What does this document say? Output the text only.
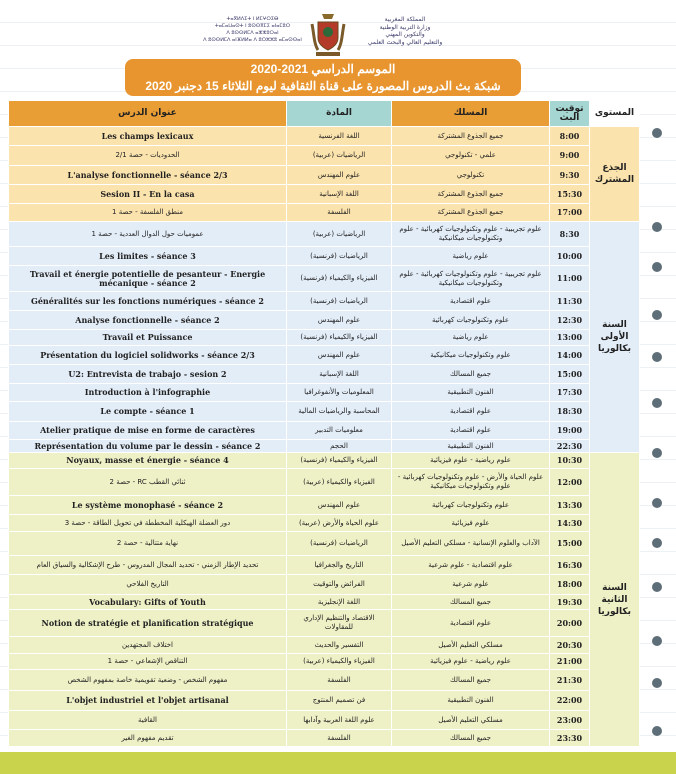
ⵜⴰⴳⵍⴷⵉⵜ ⵏ ⵍⵎⵖⵔⵉⴱ
ⵜⴰⵎⴰⵡⴰⵙⵜ ⵏ ⵓⵙⵙⴳⵎⵉ ⴰⵏⴰⵎⵓⵔ
ⴷ ⵓⵙⵙⵍⵎⴷ ⴰⵣⵣⵓⵔⴰⵏ
ⴷ ⵓⵙⵙⵍⵎⴷ ⴰⵏⴼⵍⵍⴰ ⴷ ⵓⵔⵣⵣⵓ ⴰⵎⴰⵙⵙⴰⵏ
المملكة المغربية
وزارة التربية الوطنية
والتكوين المهني
والتعليم العالي والبحث العلمي
الموسم الدراسي 2021-2020
شبكة بث الدروس المصورة على قناة الثقافية ليوم الثلاثاء 15 دجنبر 2020
المستوى	توقيت البث	المسلك	المادة	عنوان الدرس
الجذع المشترك	8:00	جميع الجذوع المشتركة	اللغة الفرنسية	Les champs lexicaux
	9:00	علمي - تكنولوجي	الرياضيات (عربية)	الحدوديات - حصة 2/1
	9:30	تكنولوجي	علوم المهندس	L'analyse fonctionnelle - séance 2/3
	15:30	جميع الجذوع المشتركة	اللغة الإسبانية	Sesion II - En la casa
	17:00	جميع الجذوع المشتركة	الفلسفة	منطق الفلسفة - حصة 1
السنة الأولى بكالوريا	8:30	علوم تجريبية - علوم وتكنولوجيات كهربائية - علوم وتكنولوجيات ميكانيكية	الرياضيات (عربية)	عموميات حول الدوال العددية - حصة 1
	10:00	علوم رياضية	الرياضيات (فرنسية)	Les limites - séance 3
	11:00	علوم تجريبية - علوم وتكنولوجيات كهربائية - علوم وتكنولوجيات ميكانيكية	الفيزياء والكيمياء (فرنسية)	Travail et énergie potentielle de pesanteur - Energie mécanique - séance 2
	11:30	علوم اقتصادية	الرياضيات (فرنسية)	Généralités sur les fonctions numériques - séance 2
	12:30	علوم وتكنولوجيات كهربائية	علوم المهندس	Analyse fonctionnelle - séance 2
	13:00	علوم رياضية	الفيزياء والكيمياء (فرنسية)	Travail et Puissance
	14:00	علوم وتكنولوجيات ميكانيكية	علوم المهندس	Présentation du logiciel solidworks - séance 2/3
	15:00	جميع المسالك	اللغة الإسبانية	U2: Entrevista de trabajo - sesion 2
	17:30	الفنون التطبيقية	المعلوميات والأنفوغرافيا	Introduction à l'infographie
	18:30	علوم اقتصادية	المحاسبة والرياضيات المالية	Le compte - séance 1
	19:00	علوم اقتصادية	معلوميات التدبير	Atelier pratique de mise en forme de caractères
	22:30	الفنون التطبيقية	الحجم	Représentation du volume par le dessin - séance 2
السنة الثانية بكالوريا	10:30	علوم رياضية - علوم فيزيائية	الفيزياء والكيمياء (فرنسية)	Noyaux, masse et énergie - séance 4
	12:00	علوم الحياة والأرض - علوم وتكنولوجيات كهربائية - علوم وتكنولوجيات ميكانيكية	الفيزياء والكيمياء (عربية)	ثنائي القطب RC - حصة 2
	13:30	علوم وتكنولوجيات كهربائية	علوم المهندس	Le système monophasé - séance 2
	14:30	علوم فيزيائية	علوم الحياة والأرض (عربية)	دور العضلة الهيكلية المخططة في تحويل الطاقة - حصة 3
	15:00	الآداب والعلوم الإنسانية - مسلكي التعليم الأصيل	الرياضيات (فرنسية)	نهاية متتالية - حصة 2
	16:30	علوم اقتصادية - علوم شرعية	التاريخ والجغرافيا	تحديد الإطار الزمني - تحديد المجال المدروس - طرح الإشكالية والسياق العام
	18:00	علوم شرعية	الفرائض والتوقيت	التاريخ الفلاحي
	19:30	جميع المسالك	اللغة الإنجليزية	Vocabulary: Gifts of Youth
	20:00	علوم اقتصادية	الاقتصاد والتنظيم الإداري للمقاولات	Notion de stratégie et planification stratégique
	20:30	مسلكي التعليم الأصيل	التفسير والحديث	اختلاف المجتهدين
	21:00	علوم رياضية - علوم فيزيائية	الفيزياء والكيمياء (عربية)	التناقص الإشعاعي - حصة 1
	21:30	جميع المسالك	الفلسفة	مفهوم الشخص - وضعية تقويمية خاصة بمفهوم الشخص
	22:00	الفنون التطبيقية	فن تصميم المنتوج	L'objet industriel et l'objet artisanal
	23:00	مسلكي التعليم الأصيل	علوم اللغة العربية وآدابها	القافية
	23:30	جميع المسالك	الفلسفة	تقديم مفهوم الغير
